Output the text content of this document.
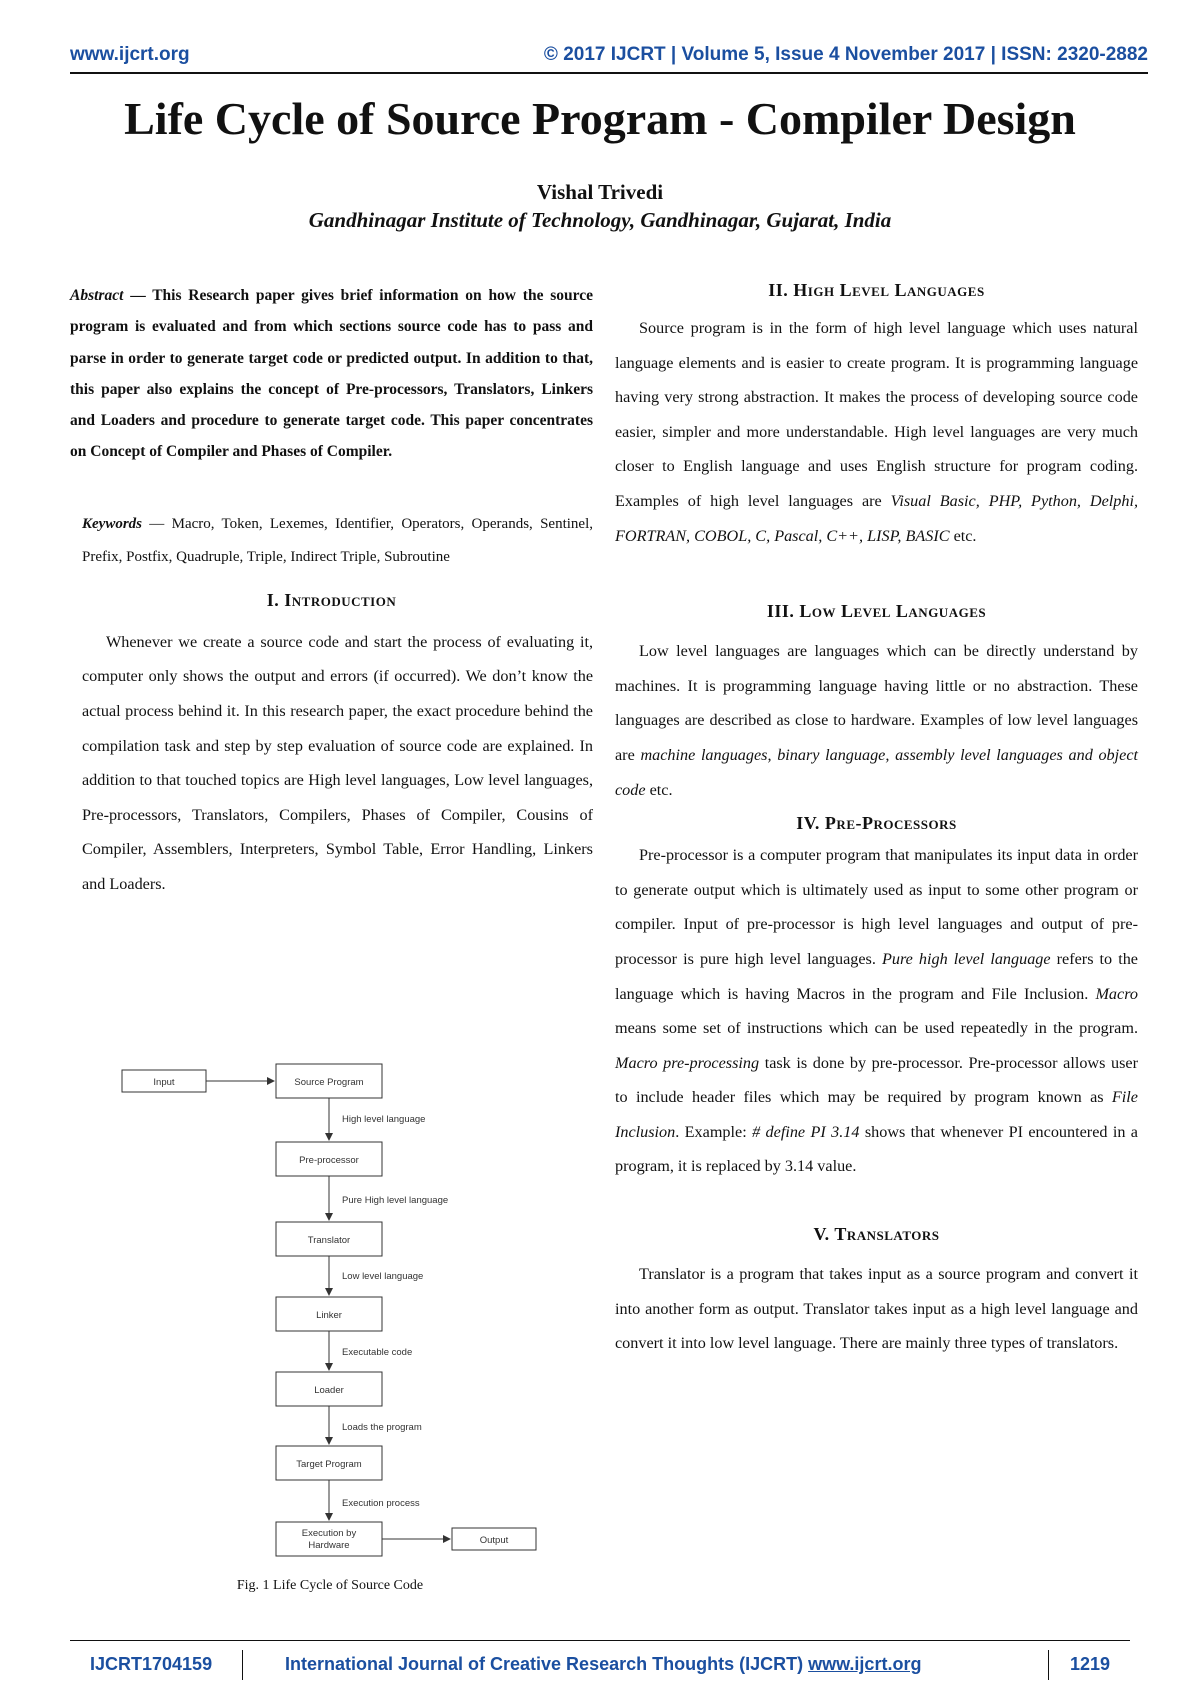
www.ijcrt.org	© 2017 IJCRT | Volume 5, Issue 4 November 2017 | ISSN: 2320-2882
Life Cycle of Source Program - Compiler Design
Vishal Trivedi
Gandhinagar Institute of Technology, Gandhinagar, Gujarat, India

Abstract — This Research paper gives brief information on how the source program is evaluated and from which sections source code has to pass and parse in order to generate target code or predicted output. In addition to that, this paper also explains the concept of Pre-processors, Translators, Linkers and Loaders and procedure to generate target code. This paper concentrates on Concept of Compiler and Phases of Compiler.

Keywords — Macro, Token, Lexemes, Identifier, Operators, Operands, Sentinel, Prefix, Postfix, Quadruple, Triple, Indirect Triple, Subroutine

I. Introduction

Whenever we create a source code and start the process of evaluating it, computer only shows the output and errors (if occurred). We don’t know the actual process behind it. In this research paper, the exact procedure behind the compilation task and step by step evaluation of source code are explained. In addition to that touched topics are High level languages, Low level languages, Pre-processors, Translators, Compilers, Phases of Compiler, Cousins of Compiler, Assemblers, Interpreters, Symbol Table, Error Handling, Linkers and Loaders.

Input	Source Program
Pre-processor
Translator
Linker
Loader
Target Program
Execution by
Hardware	Output
High level language
Pure High level language
Low level language
Executable code
Loads the program
Execution process
Fig. 1 Life Cycle of Source Code
II. High Level Languages

Source program is in the form of high level language which uses natural language elements and is easier to create program. It is programming language having very strong abstraction. It makes the process of developing source code easier, simpler and more understandable. High level languages are very much closer to English language and uses English structure for program coding. Examples of high level languages are Visual Basic, PHP, Python, Delphi, FORTRAN, COBOL, C, Pascal, C++, LISP, BASIC etc.

III. Low Level Languages

Low level languages are languages which can be directly understand by machines. It is programming language having little or no abstraction. These languages are described as close to hardware. Examples of low level languages are machine languages, binary language, assembly level languages and object code etc.

IV. Pre-Processors

Pre-processor is a computer program that manipulates its input data in order to generate output which is ultimately used as input to some other program or compiler. Input of pre-processor is high level languages and output of pre-processor is pure high level languages. Pure high level language refers to the language which is having Macros in the program and File Inclusion. Macro means some set of instructions which can be used repeatedly in the program. Macro pre-processing task is done by pre-processor. Pre-processor allows user to include header files which may be required by program known as File Inclusion. Example: # define PI 3.14 shows that whenever PI encountered in a program, it is replaced by 3.14 value.

V. Translators

Translator is a program that takes input as a source program and convert it into another form as output. Translator takes input as a high level language and convert it into low level language. There are mainly three types of translators.

IJCRT1704159	International Journal of Creative Research Thoughts (IJCRT) www.ijcrt.org	1219
